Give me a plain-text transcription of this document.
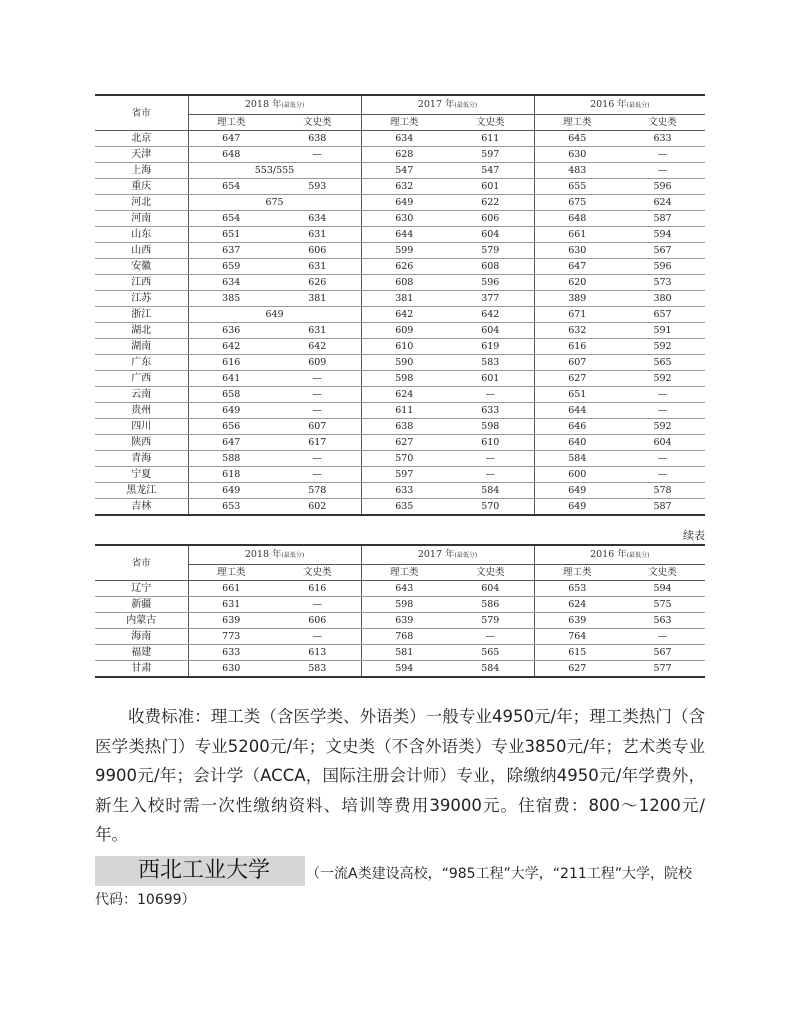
省市	2018 年(最低分)		2017 年(最低分)		2016 年(最低分)	
	理工类	文史类	理工类	文史类	理工类	文史类
北京	647	638	634	611	645	633
天津	648	—	628	597	630	—
上海	553/555		547	547	483	—
重庆	654	593	632	601	655	596
河北	675		649	622	675	624
河南	654	634	630	606	648	587
山东	651	631	644	604	661	594
山西	637	606	599	579	630	567
安徽	659	631	626	608	647	596
江西	634	626	608	596	620	573
江苏	385	381	381	377	389	380
浙江	649		642	642	671	657
湖北	636	631	609	604	632	591
湖南	642	642	610	619	616	592
广东	616	609	590	583	607	565
广西	641	—	598	601	627	592
云南	658	—	624	—	651	—
贵州	649	—	611	633	644	—
四川	656	607	638	598	646	592
陕西	647	617	627	610	640	604
青海	588	—	570	—	584	—
宁夏	618	—	597	—	600	—
黑龙江	649	578	633	584	649	578
吉林	653	602	635	570	649	587
续表
省市	2018 年(最低分)		2017 年(最低分)		2016 年(最低分)	
	理工类	文史类	理工类	文史类	理工类	文史类
辽宁	661	616	643	604	653	594
新疆	631	—	598	586	624	575
内蒙古	639	606	639	579	639	563
海南	773	—	768	—	764	—
福建	633	613	581	565	615	567
甘肃	630	583	594	584	627	577
收费标准：理工类（含医学类、外语类）一般专业4950元/年；理工类热门（含医学类热门）专业5200元/年；文史类（不含外语类）专业3850元/年；艺术类专业9900元/年；会计学（ACCA，国际注册会计师）专业，除缴纳4950元/年学费外，新生入校时需一次性缴纳资料、培训等费用39000元。住宿费：800～1200元/年。
西北工业大学	（一流A类建设高校，“985工程”大学，“211工程”大学，院校代码：10699）
